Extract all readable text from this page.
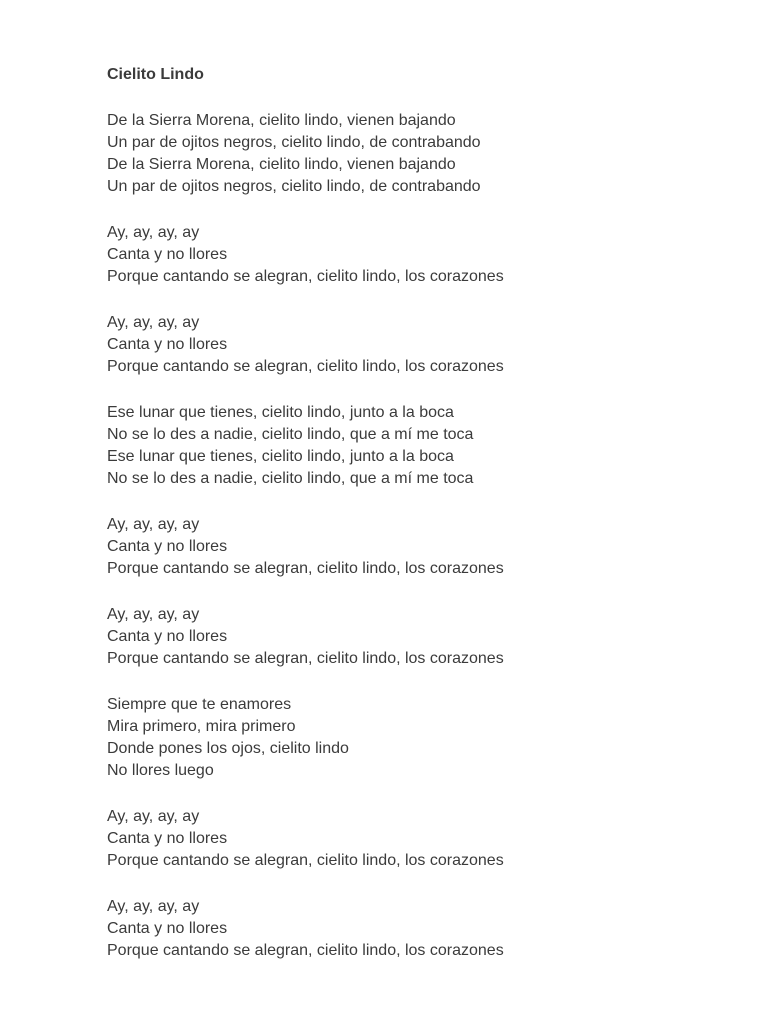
Cielito Lindo
De la Sierra Morena, cielito lindo, vienen bajando
Un par de ojitos negros, cielito lindo, de contrabando
De la Sierra Morena, cielito lindo, vienen bajando
Un par de ojitos negros, cielito lindo, de contrabando
Ay, ay, ay, ay
Canta y no llores
Porque cantando se alegran, cielito lindo, los corazones
Ay, ay, ay, ay
Canta y no llores
Porque cantando se alegran, cielito lindo, los corazones
Ese lunar que tienes, cielito lindo, junto a la boca
No se lo des a nadie, cielito lindo, que a mí me toca
Ese lunar que tienes, cielito lindo, junto a la boca
No se lo des a nadie, cielito lindo, que a mí me toca
Ay, ay, ay, ay
Canta y no llores
Porque cantando se alegran, cielito lindo, los corazones
Ay, ay, ay, ay
Canta y no llores
Porque cantando se alegran, cielito lindo, los corazones
Siempre que te enamores
Mira primero, mira primero
Donde pones los ojos, cielito lindo
No llores luego
Ay, ay, ay, ay
Canta y no llores
Porque cantando se alegran, cielito lindo, los corazones
Ay, ay, ay, ay
Canta y no llores
Porque cantando se alegran, cielito lindo, los corazones
